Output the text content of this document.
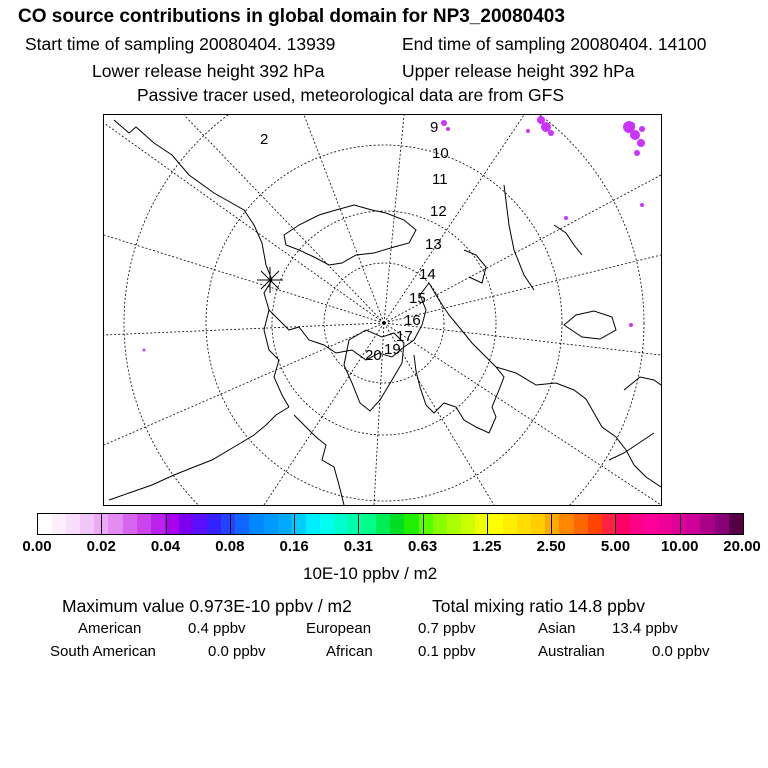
CO source contributions in global domain for NP3_20080403
Start time of sampling 20080404. 13939	End time of sampling 20080404. 14100
Lower release height 392 hPa	Upper release height 392 hPa
Passive tracer used, meteorological data are from GFS
2
9
10
11
12
13
14
15
16
17
19
20
0.00 0.02 0.04 0.08 0.16 0.31 0.63 1.25 2.50 5.00 10.00 20.00
10E-10 ppbv / m2
Maximum value 0.973E-10 ppbv / m2	Total mixing ratio 14.8 ppbv
American	0.4 ppbv	European	0.7 ppbv	Asian 13.4 ppbv
South American	0.0 ppbv	African	0.1 ppbv	Australian	0.0 ppbv
